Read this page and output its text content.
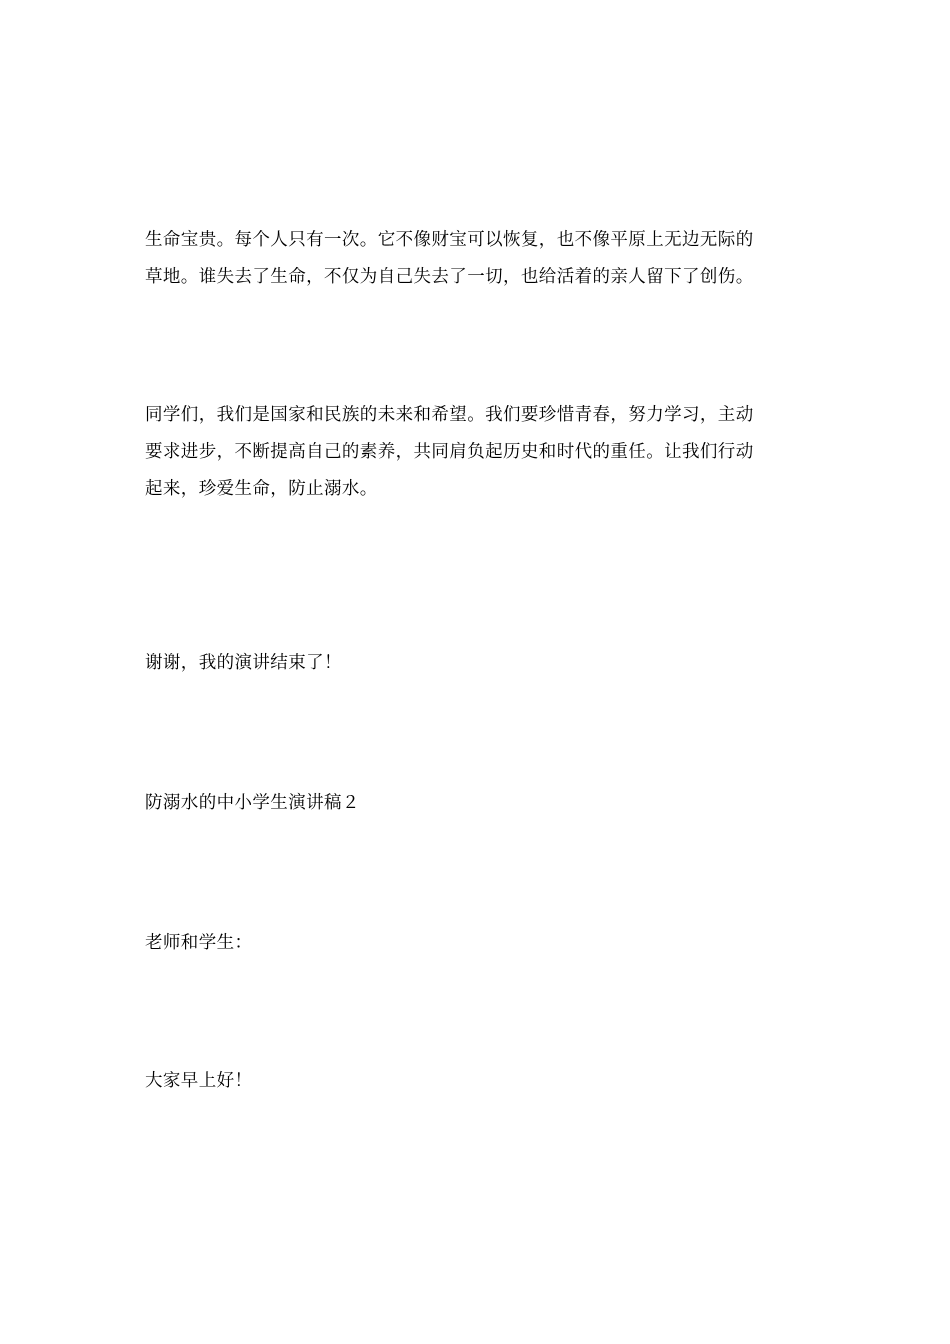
生命宝贵。每个人只有一次。它不像财宝可以恢复，也不像平原上无边无际的
草地。谁失去了生命，不仅为自己失去了一切，也给活着的亲人留下了创伤。

同学们，我们是国家和民族的未来和希望。我们要珍惜青春，努力学习，主动
要求进步，不断提高自己的素养，共同肩负起历史和时代的重任。让我们行动
起来，珍爱生命，防止溺水。

谢谢，我的演讲结束了！

防溺水的中小学生演讲稿２

老师和学生：

大家早上好！
